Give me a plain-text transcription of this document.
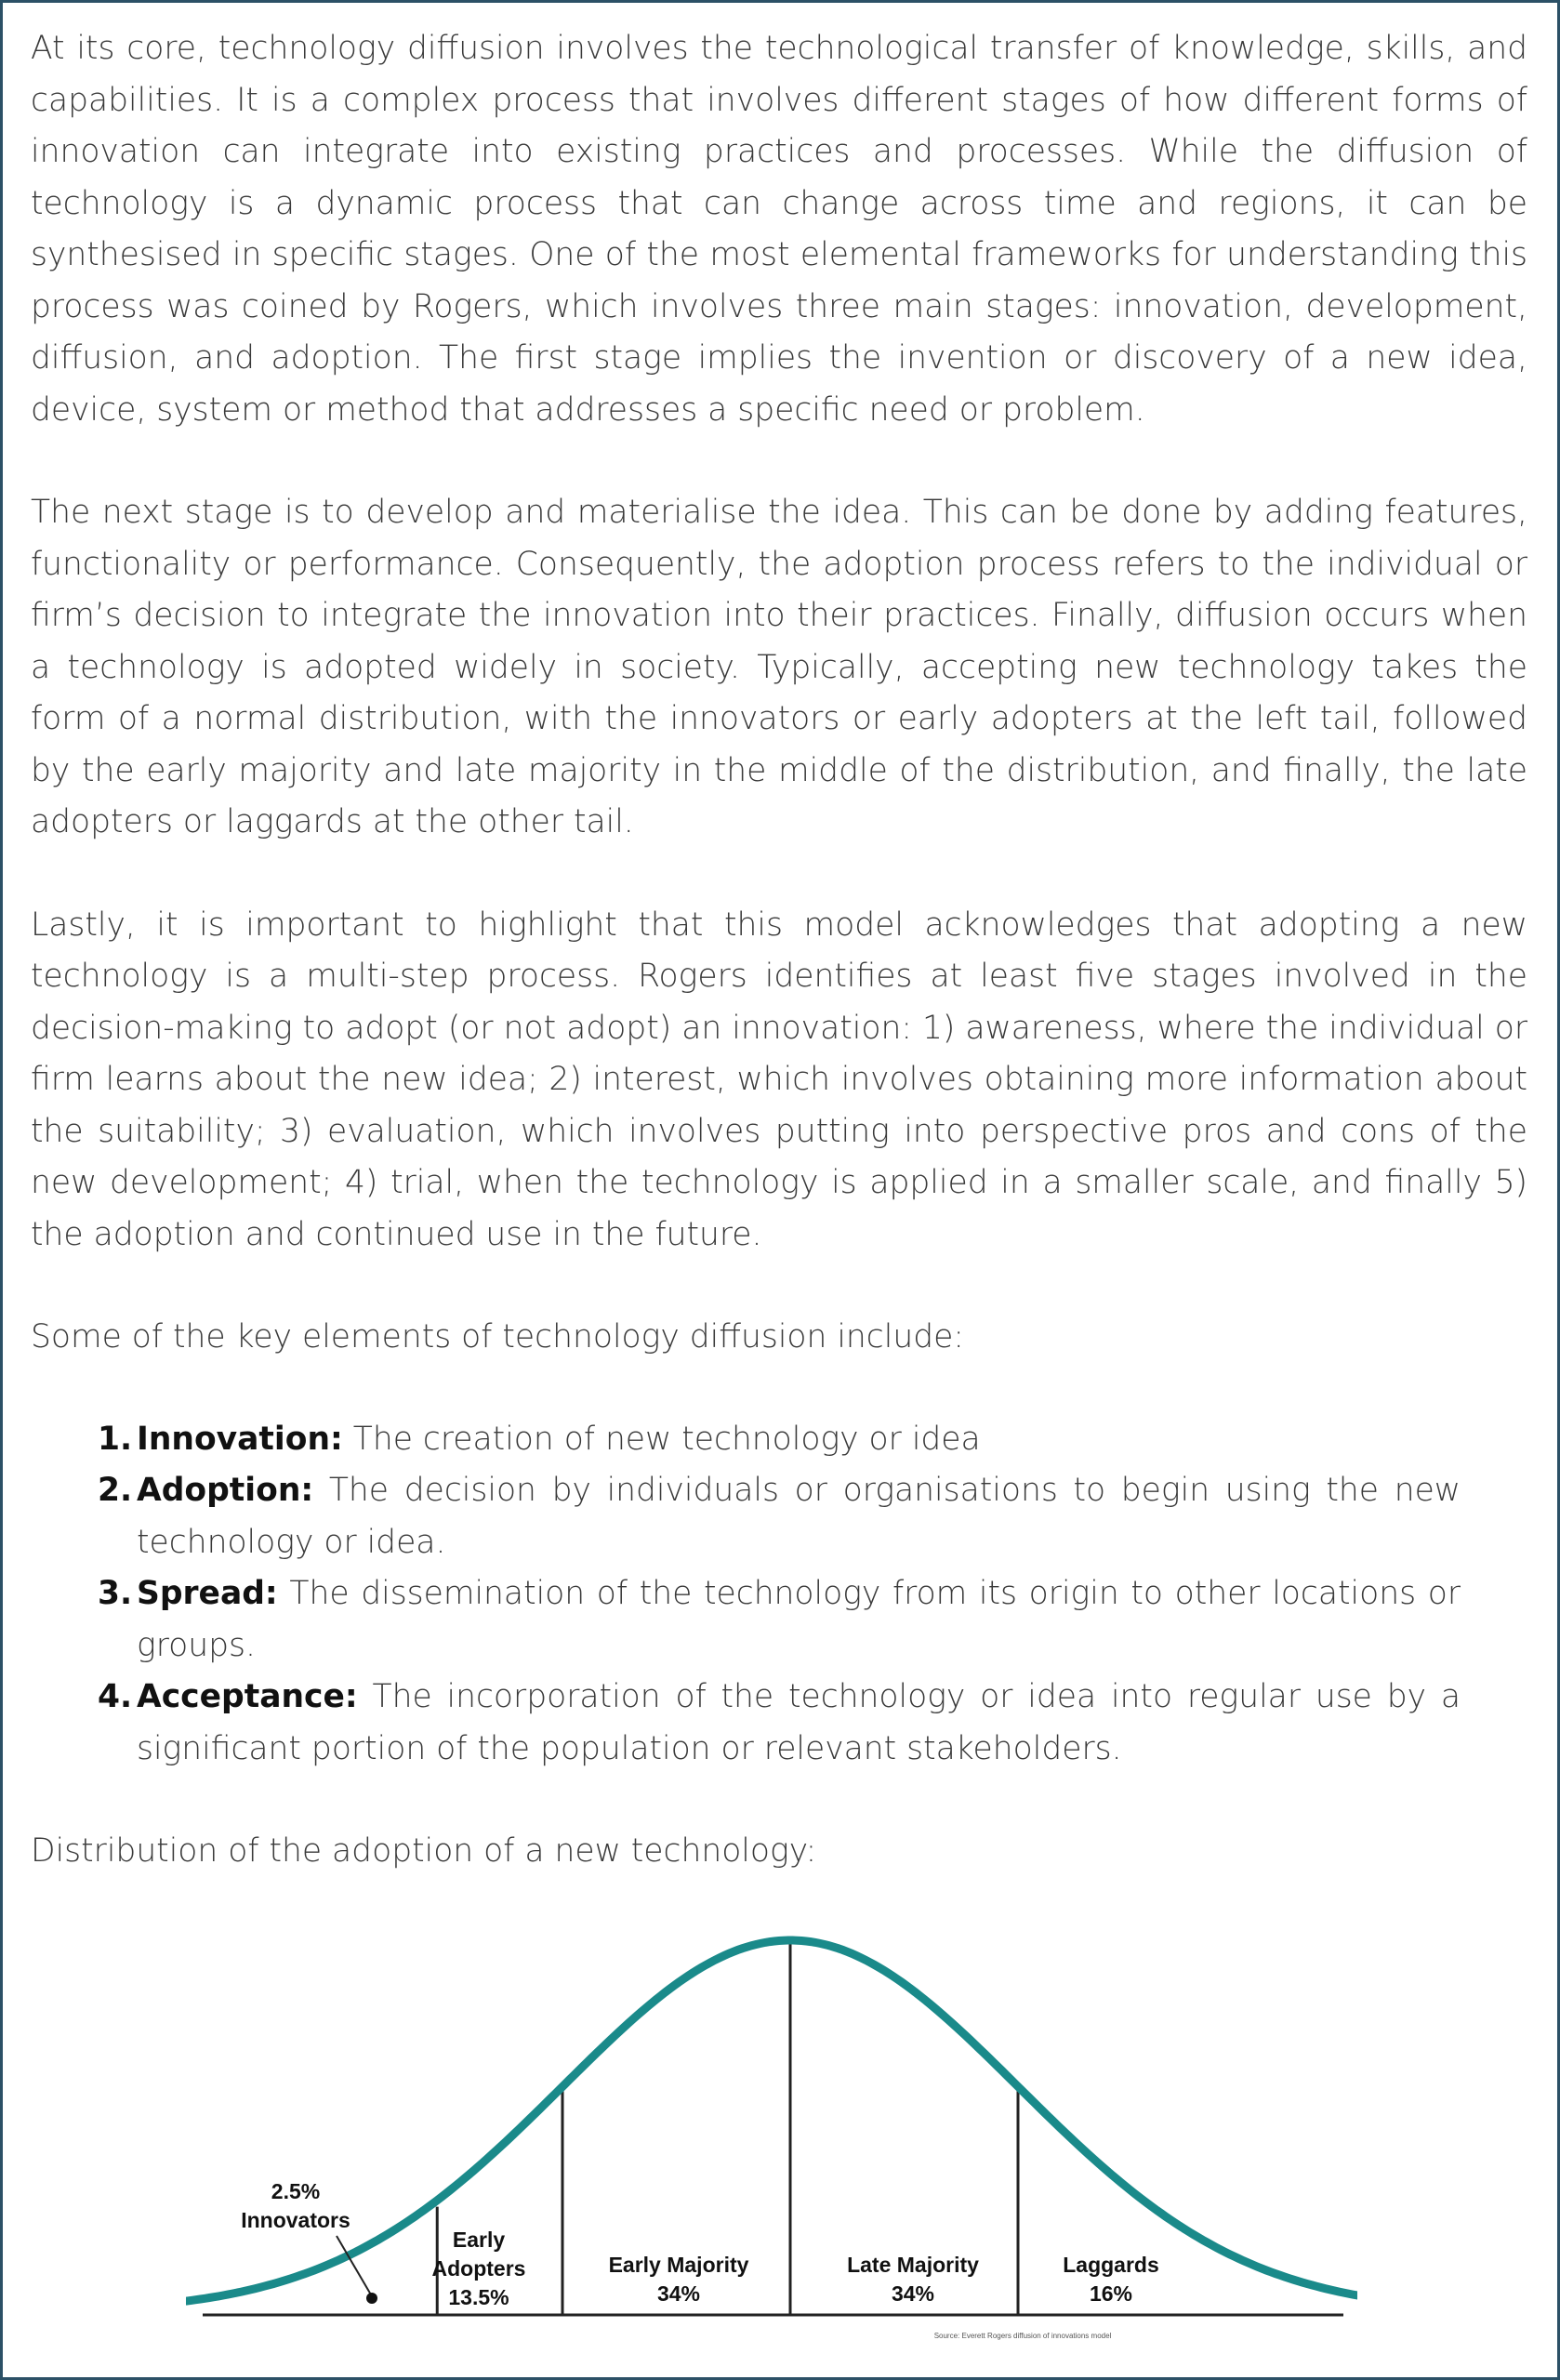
At its core, technology diffusion involves the technological transfer of knowledge, skills, and capabilities. It is a complex process that involves different stages of how different forms of innovation can integrate into existing practices and processes. While the diffusion of technology is a dynamic process that can change across time and regions, it can be synthesised in specific stages. One of the most elemental frameworks for understanding this process was coined by Rogers, which involves three main stages: innovation, development, diffusion, and adoption. The first stage implies the invention or discovery of a new idea, device, system or method that addresses a specific need or problem.

The next stage is to develop and materialise the idea. This can be done by adding features, functionality or performance. Consequently, the adoption process refers to the individual or firm’s decision to integrate the innovation into their practices. Finally, diffusion occurs when a technology is adopted widely in society. Typically, accepting new technology takes the form of a normal distribution, with the innovators or early adopters at the left tail, followed by the early majority and late majority in the middle of the distribution, and finally, the late adopters or laggards at the other tail.

Lastly, it is important to highlight that this model acknowledges that adopting a new technology is a multi-step process. Rogers identifies at least five stages involved in the decision-making to adopt (or not adopt) an innovation: 1) awareness, where the individual or firm learns about the new idea; 2) interest, which involves obtaining more information about the suitability; 3) evaluation, which involves putting into perspective pros and cons of the new development; 4) trial, when the technology is applied in a smaller scale, and finally 5) the adoption and continued use in the future.

Some of the key elements of technology diffusion include:

1. Innovation: The creation of new technology or idea
2. Adoption: The decision by individuals or organisations to begin using the new technology or idea.
3. Spread: The dissemination of the technology from its origin to other locations or groups.
4. Acceptance: The incorporation of the technology or idea into regular use by a significant portion of the population or relevant stakeholders.

Distribution of the adoption of a new technology:

2.5% Innovators
Early Adopters 13.5%
Early Majority 34%
Late Majority 34%
Laggards 16%
Source: Everett Rogers diffusion of innovations model
